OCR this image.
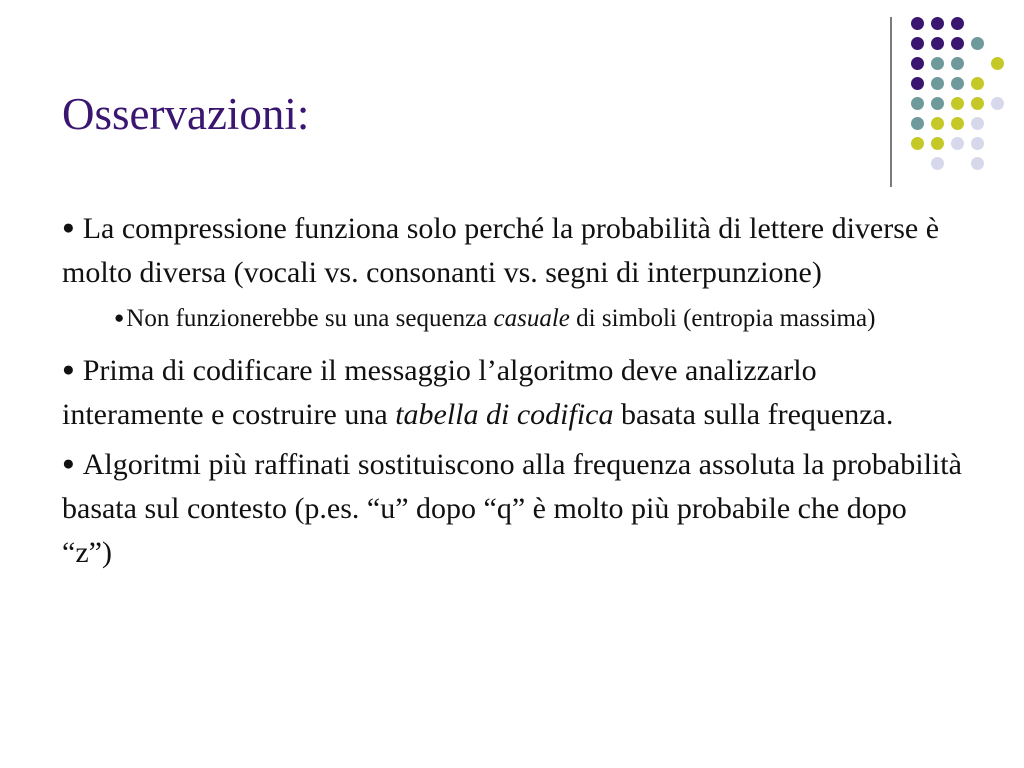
Osservazioni:

● La compressione funziona solo perché la probabilità di lettere diverse è molto diversa (vocali vs. consonanti vs. segni di interpunzione)

●Non funzionerebbe su una sequenza casuale di simboli (entropia massima)

● Prima di codificare il messaggio l’algoritmo deve analizzarlo interamente e costruire una tabella di codifica basata sulla frequenza.

● Algoritmi più raffinati sostituiscono alla frequenza assoluta la probabilità basata sul contesto (p.es. “u” dopo “q” è molto più probabile che dopo “z”)
